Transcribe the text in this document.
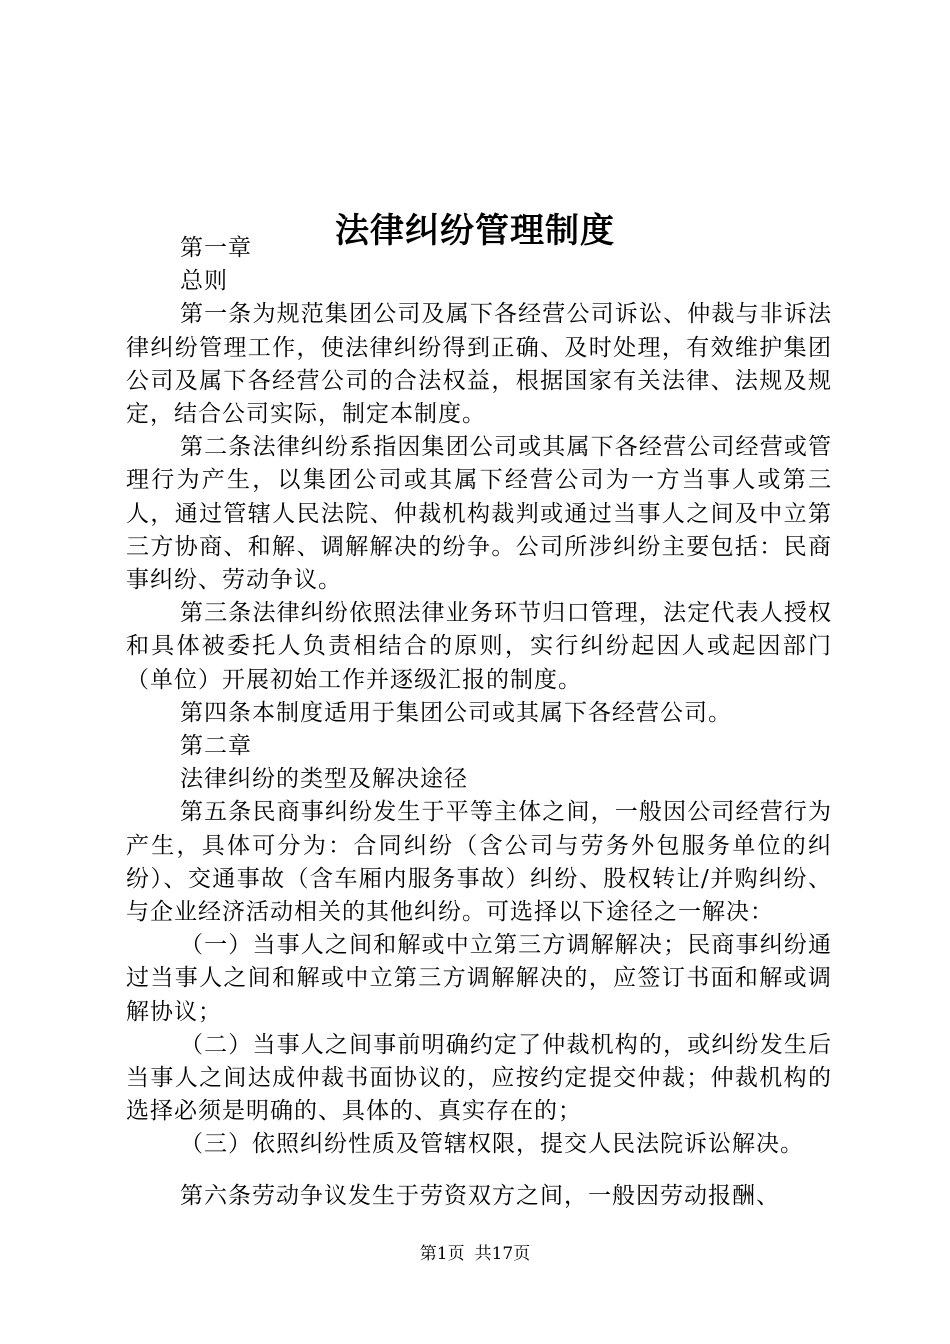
法律纠纷管理制度

第一章

总则

第一条为规范集团公司及属下各经营公司诉讼、仲裁与非诉法律纠纷管理工作，使法律纠纷得到正确、及时处理，有效维护集团公司及属下各经营公司的合法权益，根据国家有关法律、法规及规定，结合公司实际，制定本制度。

第二条法律纠纷系指因集团公司或其属下各经营公司经营或管理行为产生，以集团公司或其属下经营公司为一方当事人或第三人，通过管辖人民法院、仲裁机构裁判或通过当事人之间及中立第三方协商、和解、调解解决的纷争。公司所涉纠纷主要包括：民商事纠纷、劳动争议。

第三条法律纠纷依照法律业务环节归口管理，法定代表人授权和具体被委托人负责相结合的原则，实行纠纷起因人或起因部门（单位）开展初始工作并逐级汇报的制度。

第四条本制度适用于集团公司或其属下各经营公司。

第二章

法律纠纷的类型及解决途径

第五条民商事纠纷发生于平等主体之间，一般因公司经营行为产生，具体可分为：合同纠纷（含公司与劳务外包服务单位的纠纷）、交通事故（含车厢内服务事故）纠纷、股权转让/并购纠纷、与企业经济活动相关的其他纠纷。可选择以下途径之一解决：

（一）当事人之间和解或中立第三方调解解决；民商事纠纷通过当事人之间和解或中立第三方调解解决的，应签订书面和解或调解协议；

（二）当事人之间事前明确约定了仲裁机构的，或纠纷发生后当事人之间达成仲裁书面协议的，应按约定提交仲裁；仲裁机构的选择必须是明确的、具体的、真实存在的；

（三）依照纠纷性质及管辖权限，提交人民法院诉讼解决。

第六条劳动争议发生于劳资双方之间，一般因劳动报酬、

第1页 共17页
